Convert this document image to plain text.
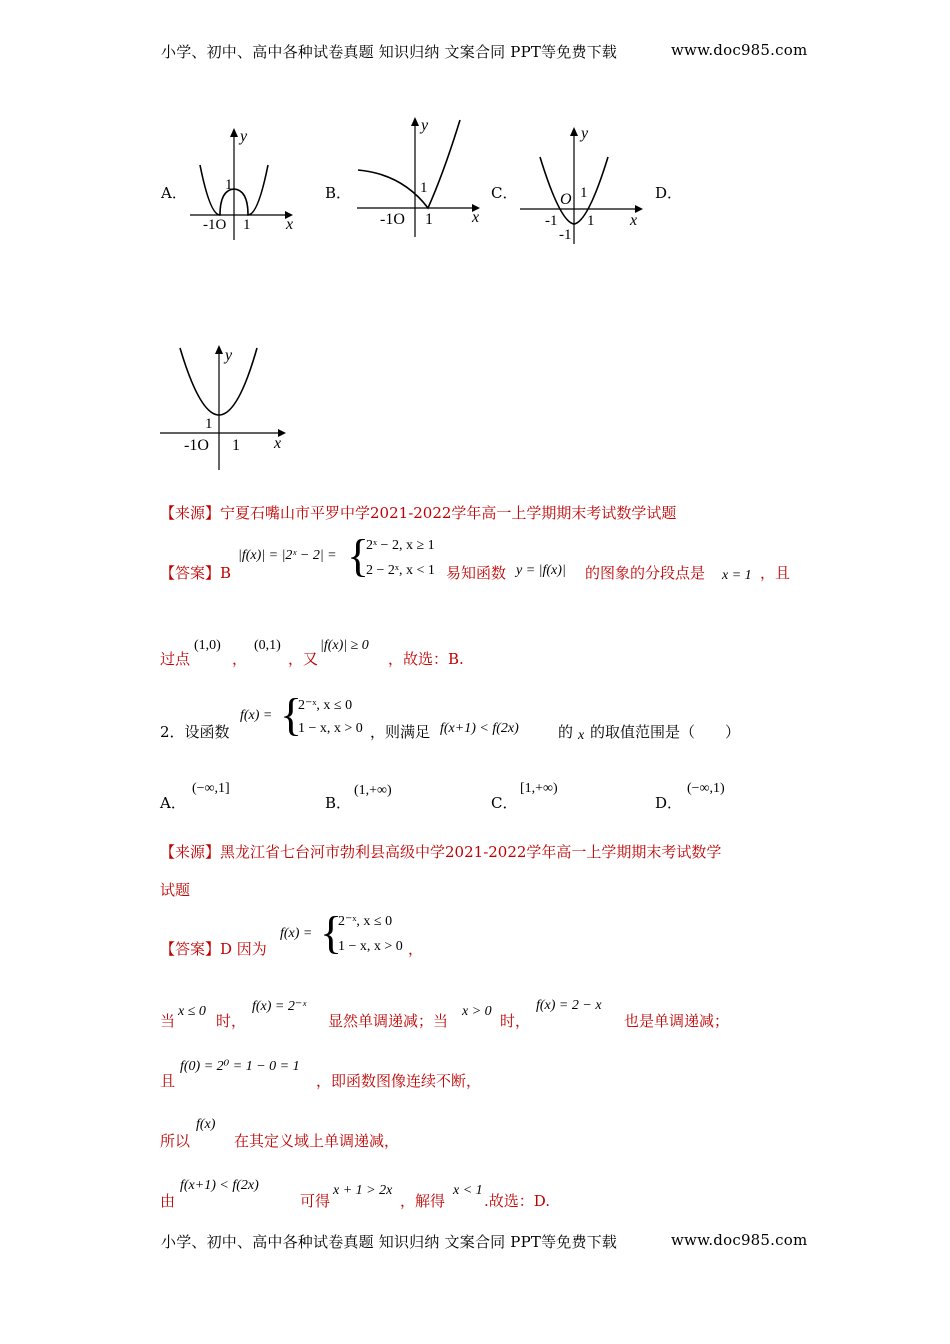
小学、初中、高中各种试卷真题 知识归纳 文案合同 PPT等免费下载	www.doc985.com
小学、初中、高中各种试卷真题 知识归纳 文案合同 PPT等免费下载	www.doc985.com
A．	B．	C．	D．
y
1
-1O 1 x
y
1
-1O 1 x
y
O 1
-1 1
-1
x
y
1
-1O 1 x
【来源】宁夏石嘴山市平罗中学2021-2022学年高一上学期期末考试数学试题
【答案】B
|f(x)| = |2ˣ − 2| = {
2ˣ − 2, x ≥ 1
2 − 2ˣ, x < 1 易知函数 y = |f(x)| 的图象的分段点是 x = 1 ，且
过点
(1,0)
，
(0,1)
，又
|f(x)| ≥ 0
，故选：B.
2．设函数
f(x) = {
2⁻ˣ, x ≤ 0
1 − x, x > 0 ，则满足 f(x+1) < f(2x)	的 x 的取值范围是（　　）
A．
(−∞,1]
B．
(1,+∞)
C．
[1,+∞)
D．
(−∞,1)
【来源】黑龙江省七台河市勃利县高级中学2021-2022学年高一上学期期末考试数学
试题
【答案】D 因为
f(x) = {
2⁻ˣ, x ≤ 0
1 − x, x > 0 ，
当
x ≤ 0
时，
f(x) = 2⁻ˣ
显然单调递减；当
x > 0
时，
f(x) = 2 − x
也是单调递减；
且
f(0) = 2⁰ = 1 − 0 = 1
，即函数图像连续不断，
所以
f(x)
在其定义域上单调递减，
由
f(x+1) < f(2x)
可得
x + 1 > 2x
，解得
x < 1
.故选：D.
